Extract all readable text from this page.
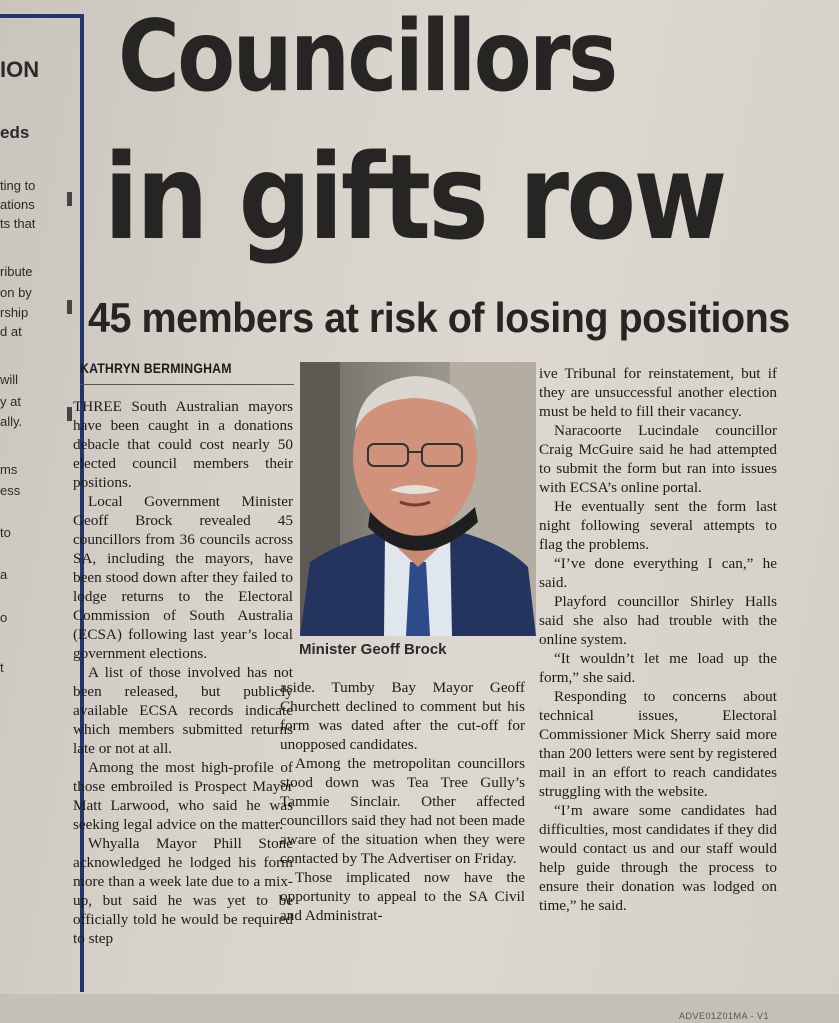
ADVE01Z01MA - V1
ION
eds
ting to
ations
ts that
ribute
on by
rship
d at
will
y at
ally.
ms
ess
to
a
o
t
Councillors
in gifts row
45 members at risk of losing positions
KATHRYN BERMINGHAM

THREE South Australian mayors have been caught in a donations debacle that could cost nearly 50 elected council members their positions.

Local Government Minister Geoff Brock revealed 45 councillors from 36 councils across SA, including the mayors, have been stood down after they failed to lodge returns to the Electoral Commission of South Australia (ECSA) following last year’s local government elections.

A list of those involved has not been released, but publicly available ECSA records indicate which members submitted returns late or not at all.

Among the most high-profile of those embroiled is Prospect Mayor Matt Larwood, who said he was seeking legal advice on the matter.

Whyalla Mayor Phill Stone acknowledged he lodged his form more than a week late due to a mix-up, but said he was yet to be officially told he would be required to step

Minister Geoff Brock

aside. Tumby Bay Mayor Geoff Churchett declined to comment but his form was dated after the cut-off for unopposed candidates.

Among the metropolitan councillors stood down was Tea Tree Gully’s Tammie Sinclair. Other affected councillors said they had not been made aware of the situation when they were contacted by The Advertiser on Friday.

Those implicated now have the opportunity to appeal to the SA Civil and Administrat-

ive Tribunal for reinstatement, but if they are unsuccessful another election must be held to fill their vacancy.

Naracoorte Lucindale councillor Craig McGuire said he had attempted to submit the form but ran into issues with ECSA’s online portal.

He eventually sent the form last night following several attempts to flag the problems.

“I’ve done everything I can,” he said.

Playford councillor Shirley Halls said she also had trouble with the online system.

“It wouldn’t let me load up the form,” she said.

Responding to concerns about technical issues, Electoral Commissioner Mick Sherry said more than 200 letters were sent by registered mail in an effort to reach candidates struggling with the website.

“I’m aware some candidates had difficulties, most candidates if they did would contact us and our staff would help guide through the process to ensure their donation was lodged on time,” he said.
